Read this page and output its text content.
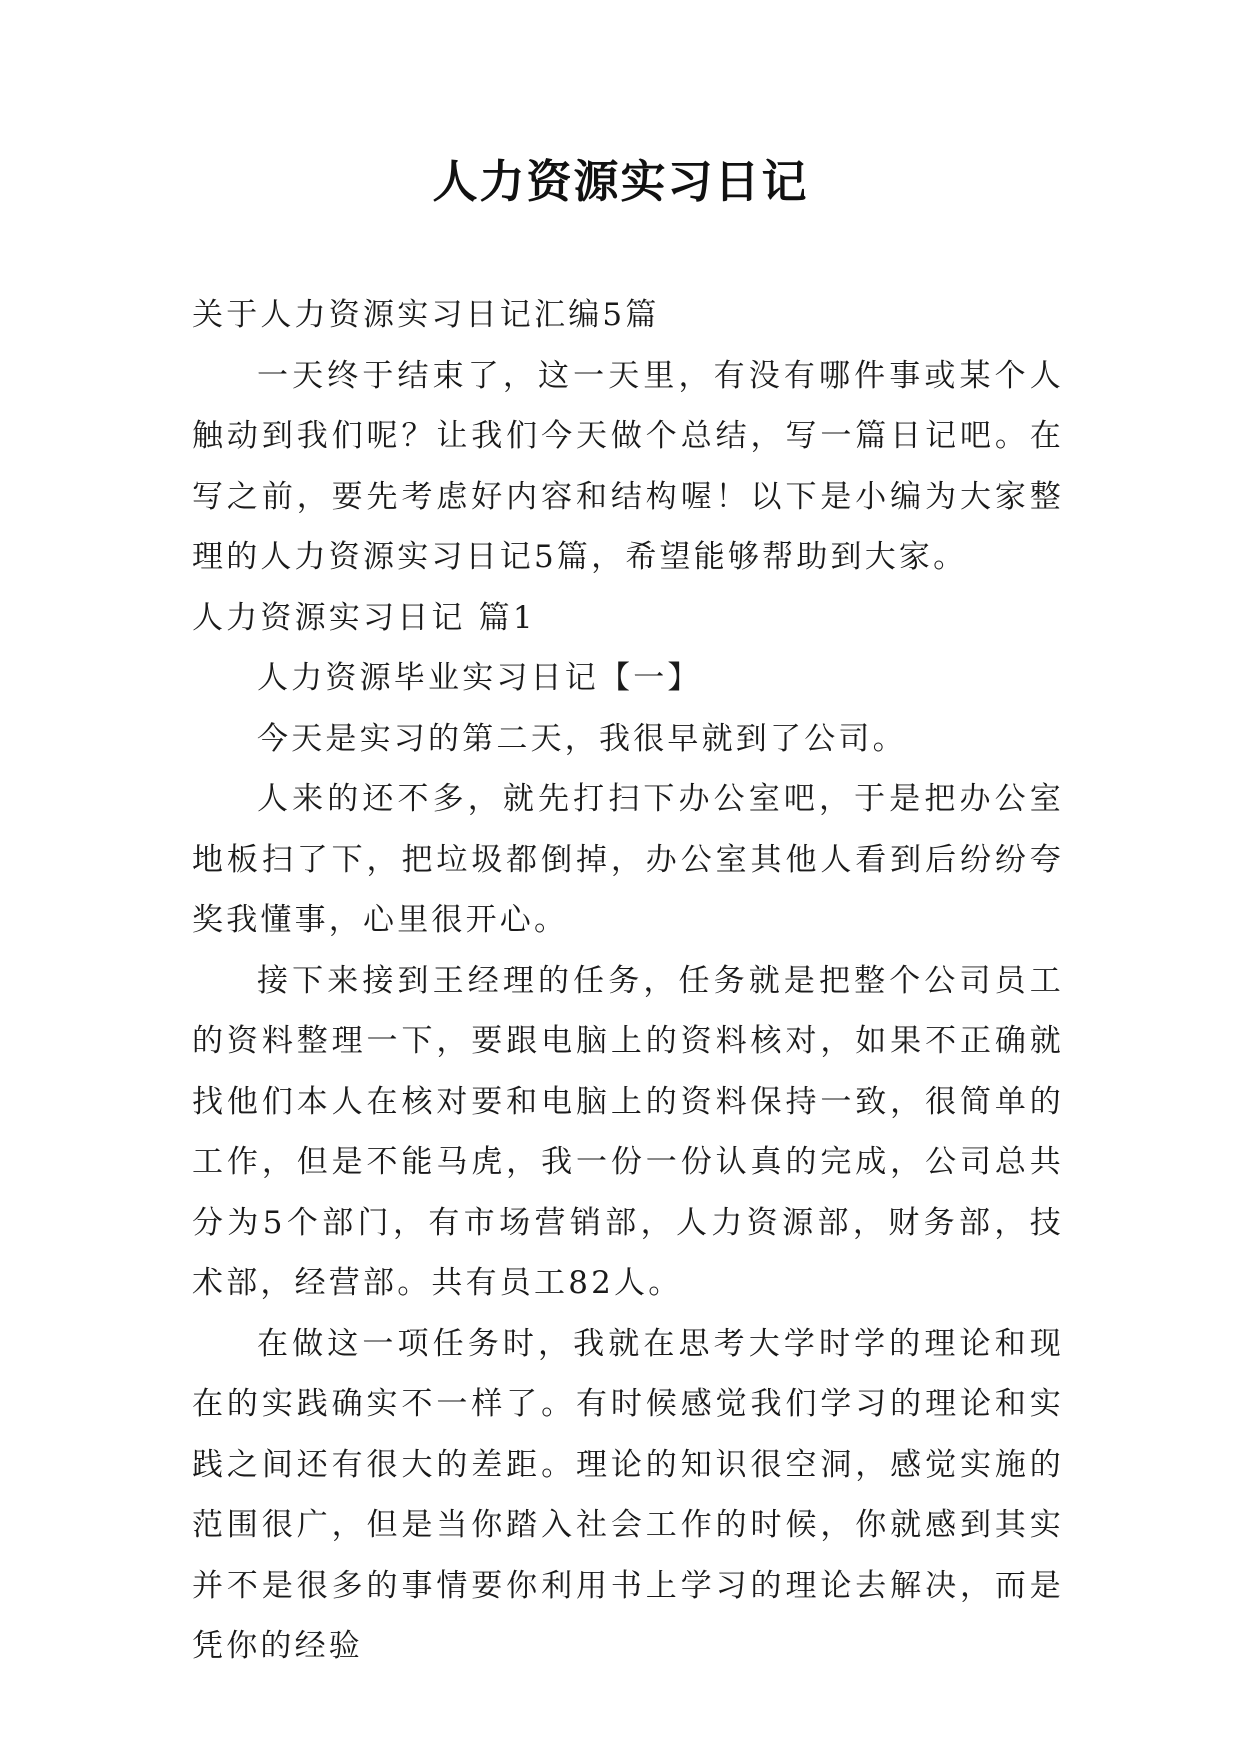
人力资源实习日记

关于人力资源实习日记汇编5篇

一天终于结束了，这一天里，有没有哪件事或某个人触动到我们呢？让我们今天做个总结，写一篇日记吧。在写之前，要先考虑好内容和结构喔！以下是小编为大家整理的人力资源实习日记5篇，希望能够帮助到大家。

人力资源实习日记 篇1

人力资源毕业实习日记【一】

今天是实习的第二天，我很早就到了公司。

人来的还不多，就先打扫下办公室吧，于是把办公室地板扫了下，把垃圾都倒掉，办公室其他人看到后纷纷夸奖我懂事，心里很开心。

接下来接到王经理的任务，任务就是把整个公司员工的资料整理一下，要跟电脑上的资料核对，如果不正确就找他们本人在核对要和电脑上的资料保持一致，很简单的工作，但是不能马虎，我一份一份认真的完成，公司总共分为5个部门，有市场营销部，人力资源部，财务部，技术部，经营部。共有员工82人。

在做这一项任务时，我就在思考大学时学的理论和现在的实践确实不一样了。有时候感觉我们学习的理论和实践之间还有很大的差距。理论的知识很空洞，感觉实施的范围很广，但是当你踏入社会工作的时候，你就感到其实并不是很多的事情要你利用书上学习的理论去解决，而是凭你的经验
